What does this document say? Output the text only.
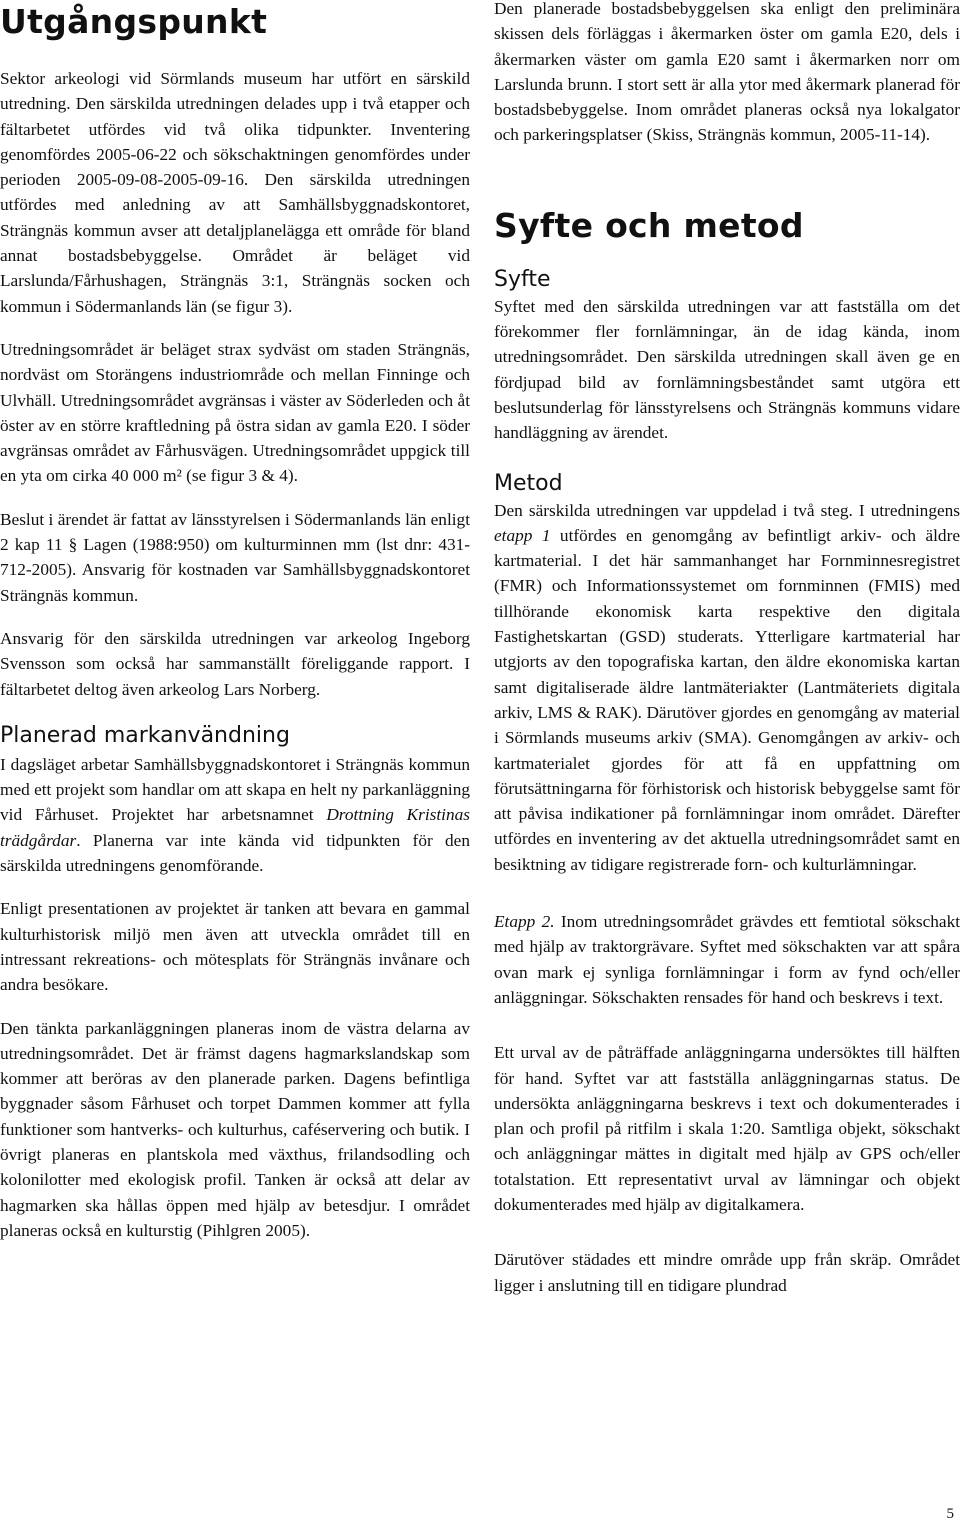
Utgångspunkt

Sektor arkeologi vid Sörmlands museum har utfört en särskild utredning. Den särskilda utredningen delades upp i två etapper och fältarbetet utfördes vid två olika tidpunkter. Inventering genomfördes 2005-06-22 och sökschaktningen genomfördes under perioden 2005-09-08-2005-09-16. Den särskilda utredningen utfördes med anledning av att Samhällsbyggnadskontoret, Strängnäs kommun avser att detaljplanelägga ett område för bland annat bostadsbebyggelse. Området är beläget vid Larslunda/Fårhushagen, Strängnäs 3:1, Strängnäs socken och kommun i Södermanlands län (se figur 3).

Utredningsområdet är beläget strax sydväst om staden Strängnäs, nordväst om Storängens industriområde och mellan Finninge och Ulvhäll. Utredningsområdet avgränsas i väster av Söderleden och åt öster av en större kraftledning på östra sidan av gamla E20. I söder avgränsas området av Fårhusvägen. Utredningsområdet uppgick till en yta om cirka 40 000 m² (se figur 3 & 4).

Beslut i ärendet är fattat av länsstyrelsen i Södermanlands län enligt 2 kap 11 § Lagen (1988:950) om kulturminnen mm (lst dnr: 431-712-2005). Ansvarig för kostnaden var Samhällsbyggnadskontoret Strängnäs kommun.

Ansvarig för den särskilda utredningen var arkeolog Ingeborg Svensson som också har sammanställt föreliggande rapport. I fältarbetet deltog även arkeolog Lars Norberg.

Planerad markanvändning

I dagsläget arbetar Samhällsbyggnadskontoret i Strängnäs kommun med ett projekt som handlar om att skapa en helt ny parkanläggning vid Fårhuset. Projektet har arbetsnamnet Drottning Kristinas trädgårdar. Planerna var inte kända vid tidpunkten för den särskilda utredningens genomförande.

Enligt presentationen av projektet är tanken att bevara en gammal kulturhistorisk miljö men även att utveckla området till en intressant rekreations- och mötesplats för Strängnäs invånare och andra besökare.

Den tänkta parkanläggningen planeras inom de västra delarna av utredningsområdet. Det är främst dagens hagmarkslandskap som kommer att beröras av den planerade parken. Dagens befintliga byggnader såsom Fårhuset och torpet Dammen kommer att fylla funktioner som hantverks- och kulturhus, caféservering och butik. I övrigt planeras en plantskola med växthus, frilandsodling och kolonilotter med ekologisk profil. Tanken är också att delar av hagmarken ska hållas öppen med hjälp av betesdjur. I området planeras också en kulturstig (Pihlgren 2005).

Den planerade bostadsbebyggelsen ska enligt den preliminära skissen dels förläggas i åkermarken öster om gamla E20, dels i åkermarken väster om gamla E20 samt i åkermarken norr om Larslunda brunn. I stort sett är alla ytor med åkermark planerad för bostadsbebyggelse. Inom området planeras också nya lokalgator och parkeringsplatser (Skiss, Strängnäs kommun, 2005-11-14).

Syfte och metod
Syfte

Syftet med den särskilda utredningen var att fastställa om det förekommer fler fornlämningar, än de idag kända, inom utredningsområdet. Den särskilda utredningen skall även ge en fördjupad bild av fornlämningsbeståndet samt utgöra ett beslutsunderlag för länsstyrelsens och Strängnäs kommuns vidare handläggning av ärendet.

Metod

Den särskilda utredningen var uppdelad i två steg. I utredningens etapp 1 utfördes en genomgång av befintligt arkiv- och äldre kartmaterial. I det här sammanhanget har Fornminnesregistret (FMR) och Informationssystemet om fornminnen (FMIS) med tillhörande ekonomisk karta respektive den digitala Fastighetskartan (GSD) studerats. Ytterligare kartmaterial har utgjorts av den topografiska kartan, den äldre ekonomiska kartan samt digitaliserade äldre lantmäteriakter (Lantmäteriets digitala arkiv, LMS & RAK). Därutöver gjordes en genomgång av material i Sörmlands museums arkiv (SMA). Genomgången av arkiv- och kartmaterialet gjordes för att få en uppfattning om förutsättningarna för förhistorisk och historisk bebyggelse samt för att påvisa indikationer på fornlämningar inom området. Därefter utfördes en inventering av det aktuella utredningsområdet samt en besiktning av tidigare registrerade forn- och kulturlämningar.

Etapp 2. Inom utredningsområdet grävdes ett femtiotal sökschakt med hjälp av traktorgrävare. Syftet med sökschakten var att spåra ovan mark ej synliga fornlämningar i form av fynd och/eller anläggningar. Sökschakten rensades för hand och beskrevs i text.

Ett urval av de påträffade anläggningarna undersöktes till hälften för hand. Syftet var att fastställa anläggningarnas status. De undersökta anläggningarna beskrevs i text och dokumenterades i plan och profil på ritfilm i skala 1:20. Samtliga objekt, sökschakt och anläggningar mättes in digitalt med hjälp av GPS och/eller totalstation. Ett representativt urval av lämningar och objekt dokumenterades med hjälp av digitalkamera.

Därutöver städades ett mindre område upp från skräp. Området ligger i anslutning till en tidigare plundrad

5
